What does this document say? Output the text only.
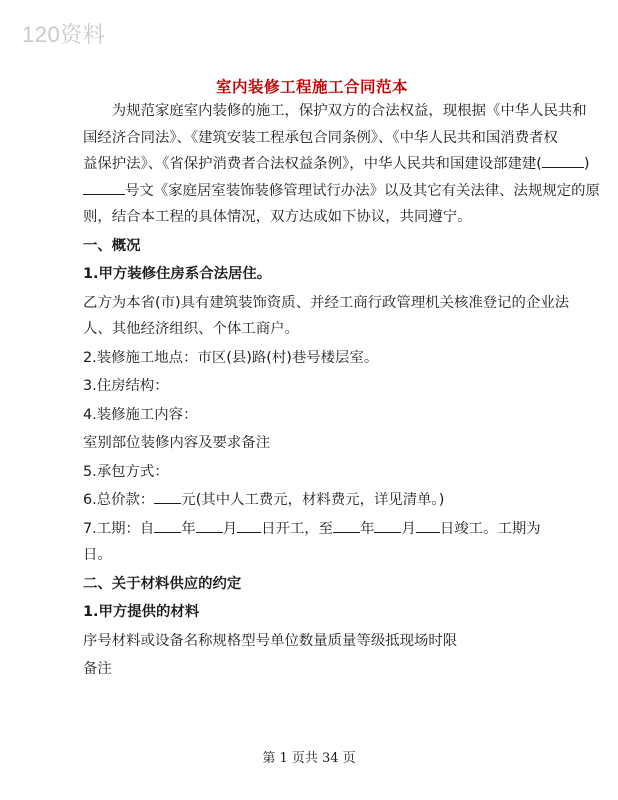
120资料
室内装修工程施工合同范本

为规范家庭室内装修的施工，保护双方的合法权益，现根据《中华人民共和

国经济合同法》、《建筑安装工程承包合同条例》、《中华人民共和国消费者权

益保护法》、《省保护消费者合法权益条例》，中华人民共和国建设部建建(	)

号文《家庭居室装饰装修管理试行办法》以及其它有关法律、法规规定的原

则，结合本工程的具体情况，双方达成如下协议，共同遵宁。

一、概况

1.甲方装修住房系合法居住。

乙方为本省(市)具有建筑装饰资质、并经工商行政管理机关核准登记的企业法

人、其他经济组织、个体工商户。

2.装修施工地点：市区(县)路(村)巷号楼层室。

3.住房结构：

4.装修施工内容：

室别部位装修内容及要求备注

5.承包方式：

6.总价款： 元(其中人工费元，材料费元，详见清单。)

7.工期：自 年 月 日开工，至 年 月 日竣工。工期为

日。

二、关于材料供应的约定

1.甲方提供的材料

序号材料或设备名称规格型号单位数量质量等级抵现场时限

备注

第 1 页共 34 页
